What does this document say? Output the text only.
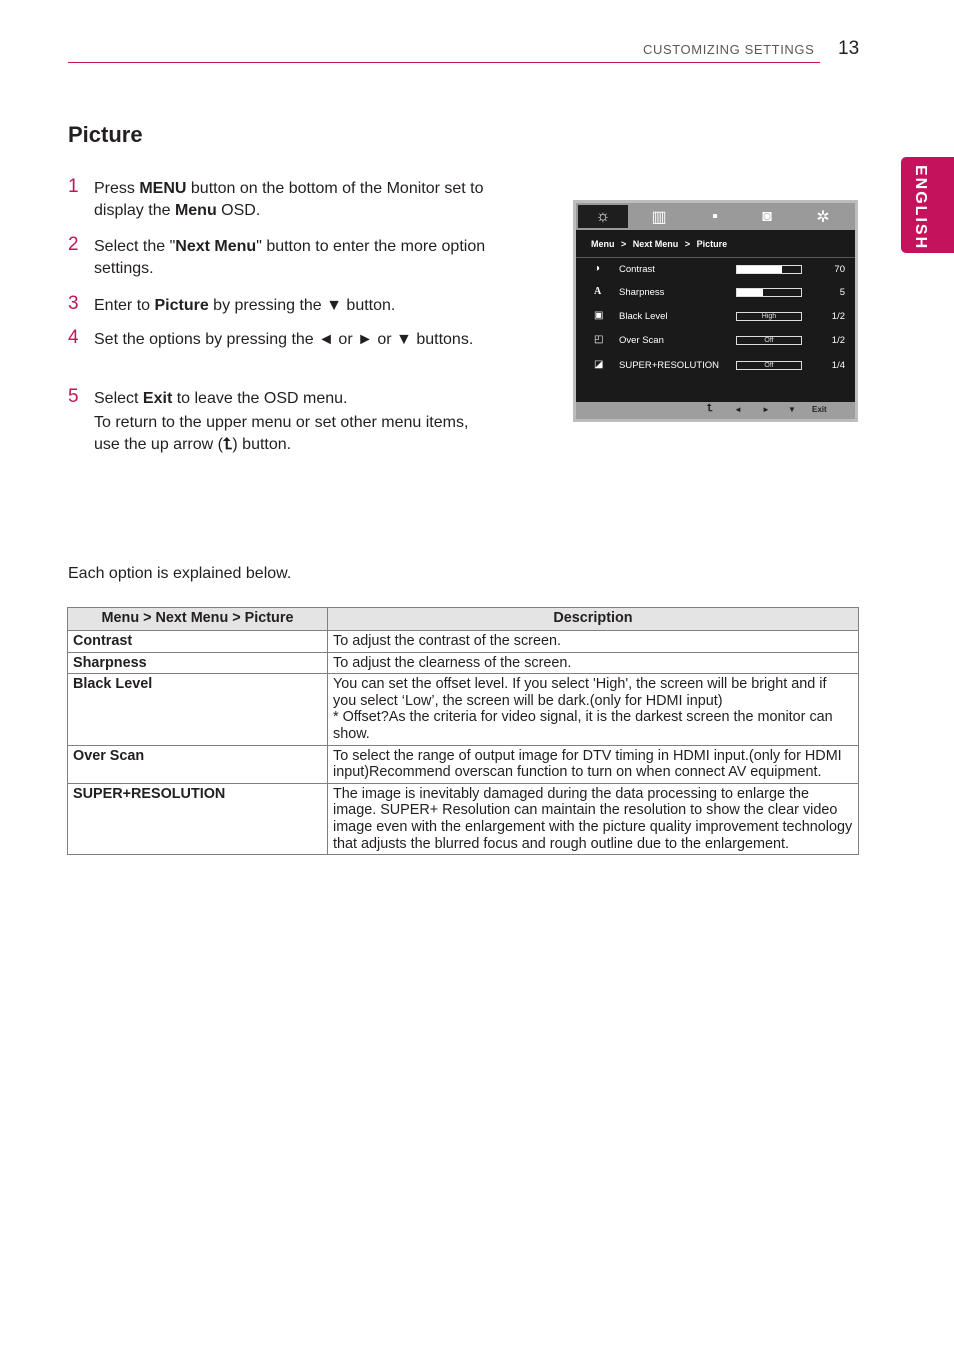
CUSTOMIZING SETTINGS 13
ENGLISH
Picture
1 Press MENU button on the bottom of the Monitor set to display the Menu OSD.
2 Select the "Next Menu" button to enter the more option settings.
3 Enter to Picture by pressing the ▼ button.
4 Set the options by pressing the ◄ or ► or ▼ buttons.
5 Select Exit to leave the OSD menu.
To return to the upper menu or set other menu items, use the up arrow (⮤) button.
☼	▥	▪	◙	✲
Menu > Next Menu > Picture
◑	Contrast	70
A	Sharpness	5
▣ Black Level	High	1/2
◰ Over Scan	Off	1/2
◪ SUPER+RESOLUTION	Off	1/4
⮤	◄	► ▼ Exit
Each option is explained below.
Menu > Next Menu > Picture	Description
Contrast	To adjust the contrast of the screen.
Sharpness	To adjust the clearness of the screen.
Black Level	You can set the offset level. If you select 'High', the screen will be bright and if you select ‘Low’, the screen will be dark.(only for HDMI input)
* Offset?As the criteria for video signal, it is the darkest screen the monitor can show.
Over Scan	To select the range of output image for DTV timing in HDMI input.(only for HDMI input)Recommend overscan function to turn on when connect AV equipment.
SUPER+RESOLUTION	The image is inevitably damaged during the data processing to enlarge the image. SUPER+ Resolution can maintain the resolution to show the clear video image even with the enlargement with the picture quality improvement technology that adjusts the blurred focus and rough outline due to the enlargement.
